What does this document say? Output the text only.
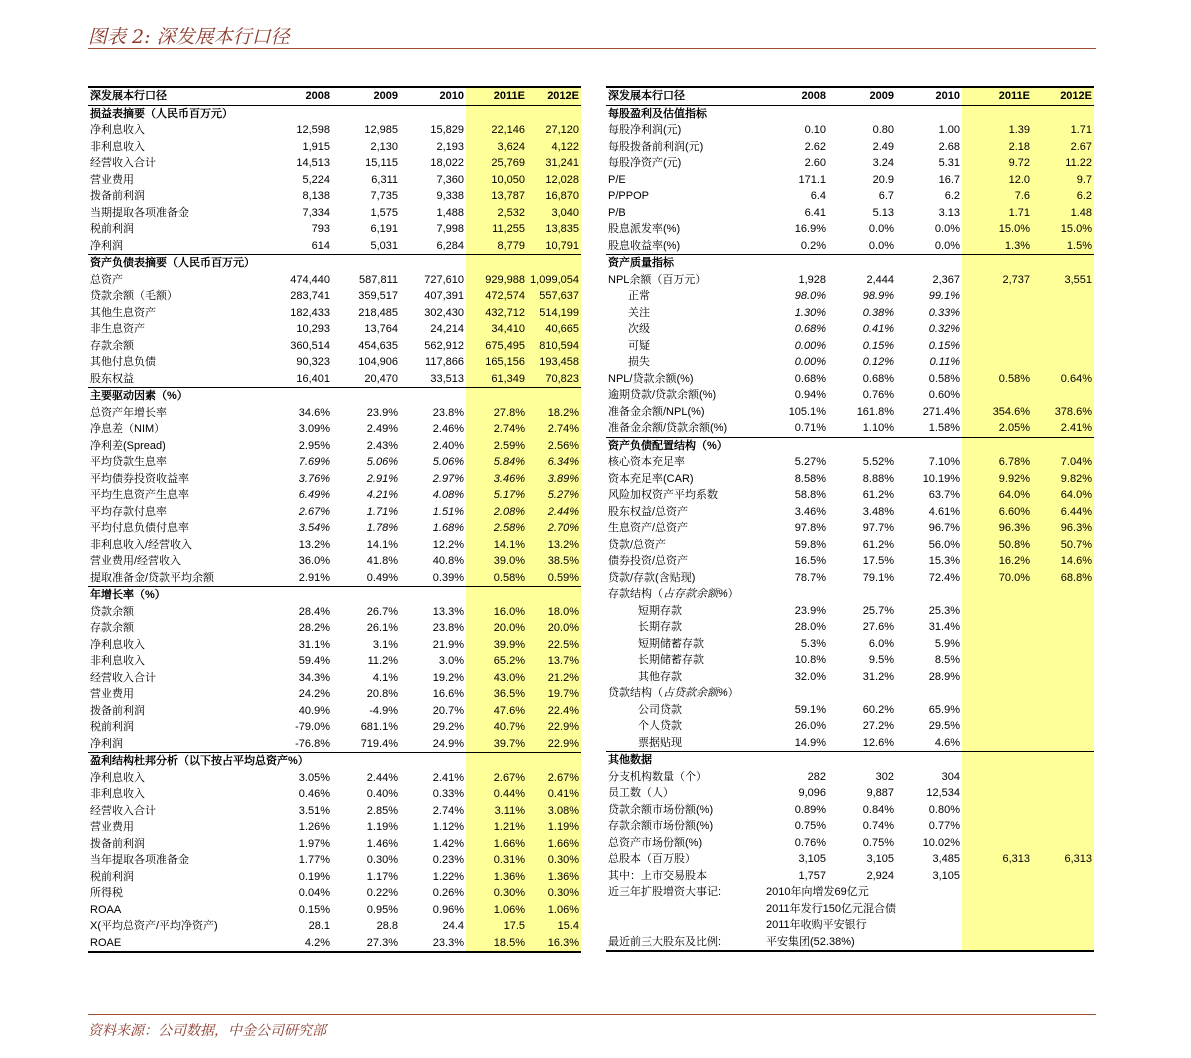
图表 2: 深发展本行口径
深发展本行口径	2008	2009	2010	2011E	2012E
损益表摘要（人民币百万元）					
净利息收入	12,598	12,985	15,829	22,146	27,120
非利息收入	1,915	2,130	2,193	3,624	4,122
经营收入合计	14,513	15,115	18,022	25,769	31,241
营业费用	5,224	6,311	7,360	10,050	12,028
拨备前利润	8,138	7,735	9,338	13,787	16,870
当期提取各项准备金	7,334	1,575	1,488	2,532	3,040
税前利润	793	6,191	7,998	11,255	13,835
净利润	614	5,031	6,284	8,779	10,791
资产负债表摘要（人民币百万元）					
总资产	474,440	587,811	727,610	929,988	1,099,054
贷款余额（毛额）	283,741	359,517	407,391	472,574	557,637
其他生息资产	182,433	218,485	302,430	432,712	514,199
非生息资产	10,293	13,764	24,214	34,410	40,665
存款余额	360,514	454,635	562,912	675,495	810,594
其他付息负债	90,323	104,906	117,866	165,156	193,458
股东权益	16,401	20,470	33,513	61,349	70,823
主要驱动因素（%）					
总资产年增长率	34.6%	23.9%	23.8%	27.8%	18.2%
净息差（NIM）	3.09%	2.49%	2.46%	2.74%	2.74%
净利差(Spread)	2.95%	2.43%	2.40%	2.59%	2.56%
平均贷款生息率	7.69%	5.06%	5.06%	5.84%	6.34%
平均债券投资收益率	3.76%	2.91%	2.97%	3.46%	3.89%
平均生息资产生息率	6.49%	4.21%	4.08%	5.17%	5.27%
平均存款付息率	2.67%	1.71%	1.51%	2.08%	2.44%
平均付息负债付息率	3.54%	1.78%	1.68%	2.58%	2.70%
非利息收入/经营收入	13.2%	14.1%	12.2%	14.1%	13.2%
营业费用/经营收入	36.0%	41.8%	40.8%	39.0%	38.5%
提取准备金/贷款平均余额	2.91%	0.49%	0.39%	0.58%	0.59%
年增长率（%）					
贷款余额	28.4%	26.7%	13.3%	16.0%	18.0%
存款余额	28.2%	26.1%	23.8%	20.0%	20.0%
净利息收入	31.1%	3.1%	21.9%	39.9%	22.5%
非利息收入	59.4%	11.2%	3.0%	65.2%	13.7%
经营收入合计	34.3%	4.1%	19.2%	43.0%	21.2%
营业费用	24.2%	20.8%	16.6%	36.5%	19.7%
拨备前利润	40.9%	-4.9%	20.7%	47.6%	22.4%
税前利润	-79.0%	681.1%	29.2%	40.7%	22.9%
净利润	-76.8%	719.4%	24.9%	39.7%	22.9%
盈利结构杜邦分析（以下按占平均总资产%）					
净利息收入	3.05%	2.44%	2.41%	2.67%	2.67%
非利息收入	0.46%	0.40%	0.33%	0.44%	0.41%
经营收入合计	3.51%	2.85%	2.74%	3.11%	3.08%
营业费用	1.26%	1.19%	1.12%	1.21%	1.19%
拨备前利润	1.97%	1.46%	1.42%	1.66%	1.66%
当年提取各项准备金	1.77%	0.30%	0.23%	0.31%	0.30%
税前利润	0.19%	1.17%	1.22%	1.36%	1.36%
所得税	0.04%	0.22%	0.26%	0.30%	0.30%
ROAA	0.15%	0.95%	0.96%	1.06%	1.06%
X(平均总资产/平均净资产)	28.1	28.8	24.4	17.5	15.4
ROAE	4.2%	27.3%	23.3%	18.5%	16.3%
深发展本行口径	2008	2009	2010	2011E	2012E
每股盈利及估值指标					
每股净利润(元)	0.10	0.80	1.00	1.39	1.71
每股拨备前利润(元)	2.62	2.49	2.68	2.18	2.67
每股净资产(元)	2.60	3.24	5.31	9.72	11.22
P/E	171.1	20.9	16.7	12.0	9.7
P/PPOP	6.4	6.7	6.2	7.6	6.2
P/B	6.41	5.13	3.13	1.71	1.48
股息派发率(%)	16.9%	0.0%	0.0%	15.0%	15.0%
股息收益率(%)	0.2%	0.0%	0.0%	1.3%	1.5%
资产质量指标					
NPL余额（百万元）	1,928	2,444	2,367	2,737	3,551
正常	98.0%	98.9%	99.1%		
关注	1.30%	0.38%	0.33%		
次级	0.68%	0.41%	0.32%		
可疑	0.00%	0.15%	0.15%		
损失	0.00%	0.12%	0.11%		
NPL/贷款余额(%)	0.68%	0.68%	0.58%	0.58%	0.64%
逾期贷款/贷款余额(%)	0.94%	0.76%	0.60%		
准备金余额/NPL(%)	105.1%	161.8%	271.4%	354.6%	378.6%
准备金余额/贷款余额(%)	0.71%	1.10%	1.58%	2.05%	2.41%
资产负债配置结构（%）					
核心资本充足率	5.27%	5.52%	7.10%	6.78%	7.04%
资本充足率(CAR)	8.58%	8.88%	10.19%	9.92%	9.82%
风险加权资产平均系数	58.8%	61.2%	63.7%	64.0%	64.0%
股东权益/总资产	3.46%	3.48%	4.61%	6.60%	6.44%
生息资产/总资产	97.8%	97.7%	96.7%	96.3%	96.3%
贷款/总资产	59.8%	61.2%	56.0%	50.8%	50.7%
债券投资/总资产	16.5%	17.5%	15.3%	16.2%	14.6%
贷款/存款(含贴现)	78.7%	79.1%	72.4%	70.0%	68.8%
存款结构（占存款余额%）					
短期存款	23.9%	25.7%	25.3%		
长期存款	28.0%	27.6%	31.4%		
短期储蓄存款	5.3%	6.0%	5.9%		
长期储蓄存款	10.8%	9.5%	8.5%		
其他存款	32.0%	31.2%	28.9%		
贷款结构（占贷款余额%）					
公司贷款	59.1%	60.2%	65.9%		
个人贷款	26.0%	27.2%	29.5%		
票据贴现	14.9%	12.6%	4.6%		
其他数据					
分支机构数量（个）	282	302	304		
员工数（人）	9,096	9,887	12,534		
贷款余额市场份额(%)	0.89%	0.84%	0.80%		
存款余额市场份额(%)	0.75%	0.74%	0.77%		
总资产市场份额(%)	0.76%	0.75%	10.02%		
总股本（百万股）	3,105	3,105	3,485	6,313	6,313
其中：上市交易股本	1,757	2,924	3,105		
近三年扩股增资大事记:	2010年向增发69亿元				
	2011年发行150亿元混合债				
	2011年收购平安银行				
最近前三大股东及比例:	平安集团(52.38%)				
资料来源：公司数据，中金公司研究部
